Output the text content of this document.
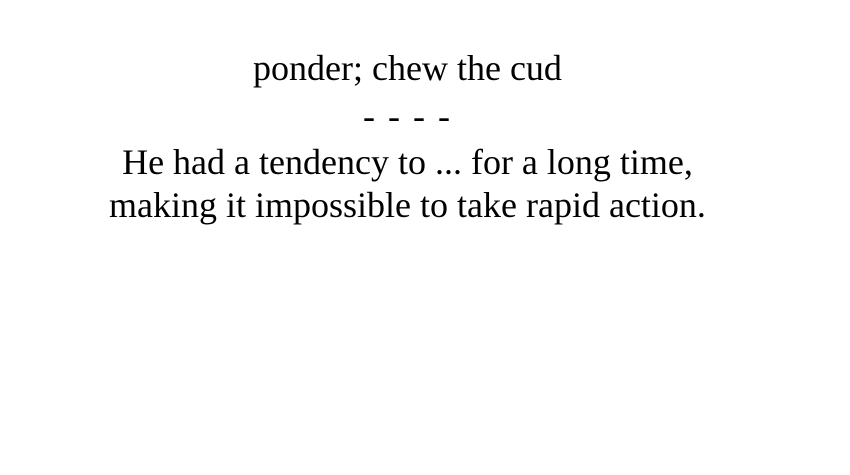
ponder; chew the cud
- - - -
He had a tendency to ... for a long time,
making it impossible to take rapid action.
